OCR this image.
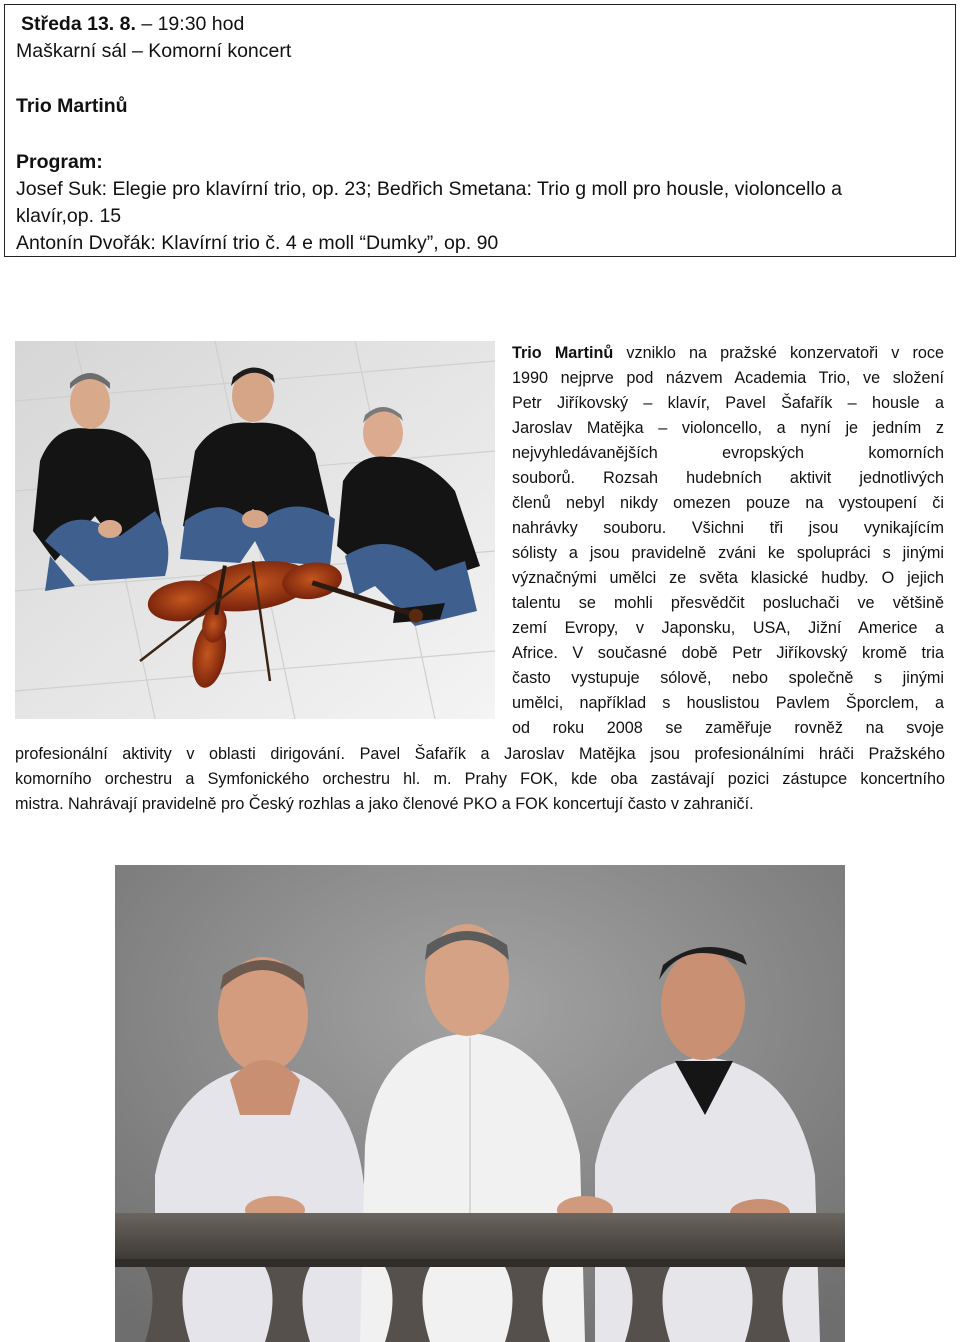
Středa 13. 8. – 19:30 hod
Maškarní sál – Komorní koncert
Trio Martinů
Program:
Josef Suk: Elegie pro klavírní trio, op. 23; Bedřich Smetana: Trio g moll pro housle, violoncello a
klavír,op. 15
Antonín Dvořák: Klavírní trio č. 4 e moll “Dumky”, op. 90
Trio Martinů vzniklo na pražské konzervatoři v roce
1990 nejprve pod názvem Academia Trio, ve složení
Petr Jiříkovský – klavír, Pavel Šafařík – housle a
Jaroslav Matějka – violoncello, a nyní je jedním z
nejvyhledávanějších evropských komorních
souborů. Rozsah hudebních aktivit jednotlivých
členů nebyl nikdy omezen pouze na vystoupení či
nahrávky souboru. Všichni tři jsou vynikajícím
sólisty a jsou pravidelně zváni ke spolupráci s jinými
význačnými umělci ze světa klasické hudby. O jejich
talentu se mohli přesvědčit posluchači ve většině
zemí Evropy, v Japonsku, USA, Jižní Americe a
Africe. V současné době Petr Jiříkovský kromě tria
často vystupuje sólově, nebo společně s jinými
umělci, například s houslistou Pavlem Šporclem, a
od roku 2008 se zaměřuje rovněž na svoje
profesionální aktivity v oblasti dirigování. Pavel Šafařík a Jaroslav Matějka jsou profesionálními hráči Pražského
komorního orchestru a Symfonického orchestru hl. m. Prahy FOK, kde oba zastávají pozici zástupce koncertního
mistra. Nahrávají pravidelně pro Český rozhlas a jako členové PKO a FOK koncertují často v zahraničí.
